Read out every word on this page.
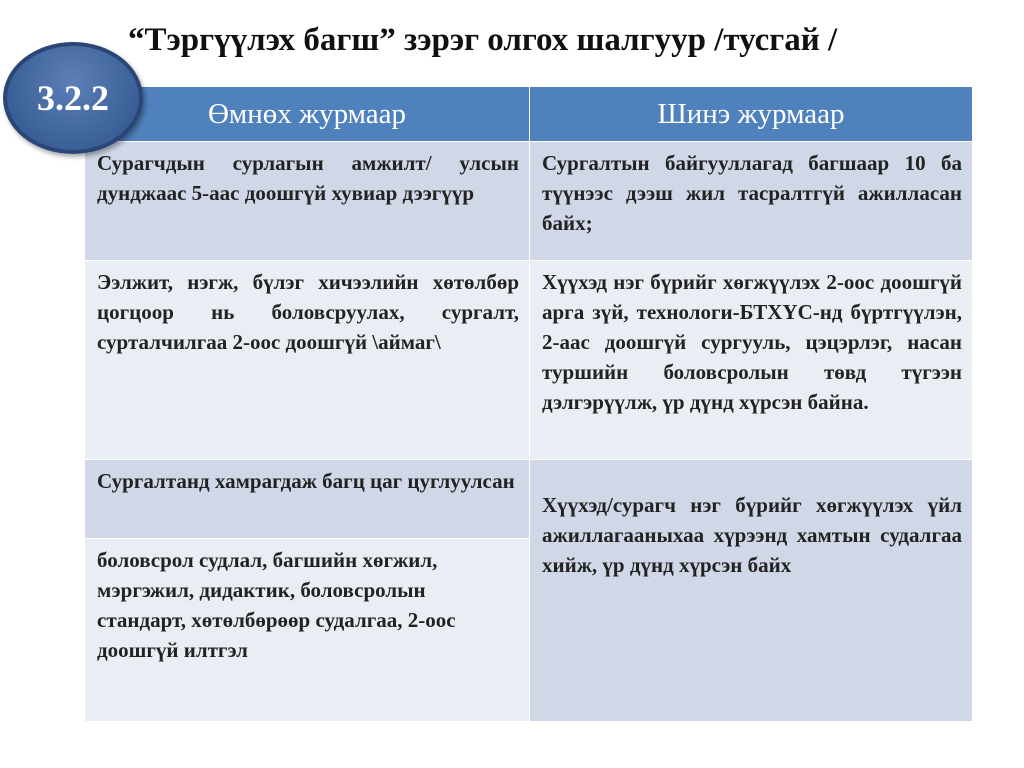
3.2.2
“Тэргүүлэх багш” зэрэг олгох шалгуур /тусгай /
Өмнөх журмаар	Шинэ журмаар
Сурагчдын сурлагын амжилт/ улсын дунджаас 5-аас доошгүй хувиар дээгүүр	Сургалтын байгууллагад багшаар 10 ба түүнээс дээш жил тасралтгүй ажилласан байх;
Ээлжит, нэгж, бүлэг хичээлийн хөтөлбөр цогцоор нь боловсруулах, сургалт, сурталчилгаа 2-оос доошгүй \аймаг\	Хүүхэд нэг бүрийг хөгжүүлэх 2-оос доошгүй арга зүй, технологи-БТХҮС-нд бүртгүүлэн, 2-аас доошгүй сургууль, цэцэрлэг, насан туршийн боловсролын төвд түгээн дэлгэрүүлж, үр дүнд хүрсэн байна.
Сургалтанд хамрагдаж багц цаг цуглуулсан	Хүүхэд/сурагч нэг бүрийг хөгжүүлэх үйл ажиллагааныхаа хүрээнд хамтын судалгаа хийж, үр дүнд хүрсэн байх
боловсрол судлал, багшийн хөгжил, мэргэжил, дидактик, боловсролын стандарт, хөтөлбөрөөр судалгаа, 2-оос доошгүй илтгэл	
